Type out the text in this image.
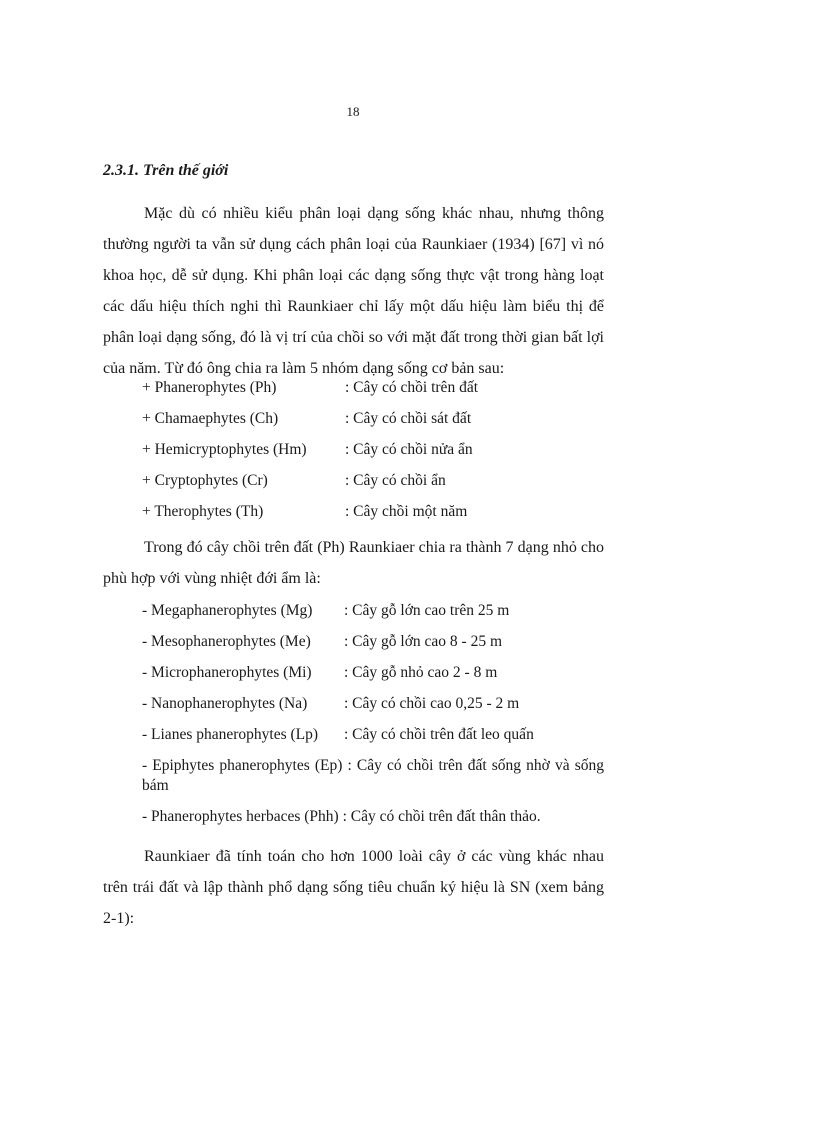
18
2.3.1. Trên thế giới

Mặc dù có nhiều kiểu phân loại dạng sống khác nhau, nhưng thông thường người ta vẫn sử dụng cách phân loại của Raunkiaer (1934) [67] vì nó khoa học, dễ sử dụng. Khi phân loại các dạng sống thực vật trong hàng loạt các dấu hiệu thích nghi thì Raunkiaer chỉ lấy một dấu hiệu làm biểu thị để phân loại dạng sống, đó là vị trí của chồi so với mặt đất trong thời gian bất lợi của năm. Từ đó ông chia ra làm 5 nhóm dạng sống cơ bản sau:

+ Phanerophytes (Ph)	: Cây có chồi trên đất
+ Chamaephytes (Ch)	: Cây có chồi sát đất
+ Hemicryptophytes (Hm) : Cây có chồi nửa ẩn
+ Cryptophytes (Cr)	: Cây có chồi ẩn
+ Therophytes (Th)	: Cây chồi một năm

Trong đó cây chồi trên đất (Ph) Raunkiaer chia ra thành 7 dạng nhỏ cho phù hợp với vùng nhiệt đới ẩm là:

- Megaphanerophytes (Mg) : Cây gỗ lớn cao trên 25 m
- Mesophanerophytes (Me) : Cây gỗ lớn cao 8 - 25 m
- Microphanerophytes (Mi) : Cây gỗ nhỏ cao 2 - 8 m
- Nanophanerophytes (Na) : Cây có chồi cao 0,25 - 2 m
- Lianes phanerophytes (Lp) : Cây có chồi trên đất leo quấn
- Epiphytes phanerophytes (Ep) : Cây có chồi trên đất sống nhờ và sống bám
- Phanerophytes herbaces (Phh) : Cây có chồi trên đất thân thảo.

Raunkiaer đã tính toán cho hơn 1000 loài cây ở các vùng khác nhau trên trái đất và lập thành phổ dạng sống tiêu chuẩn ký hiệu là SN (xem bảng 2-1):
